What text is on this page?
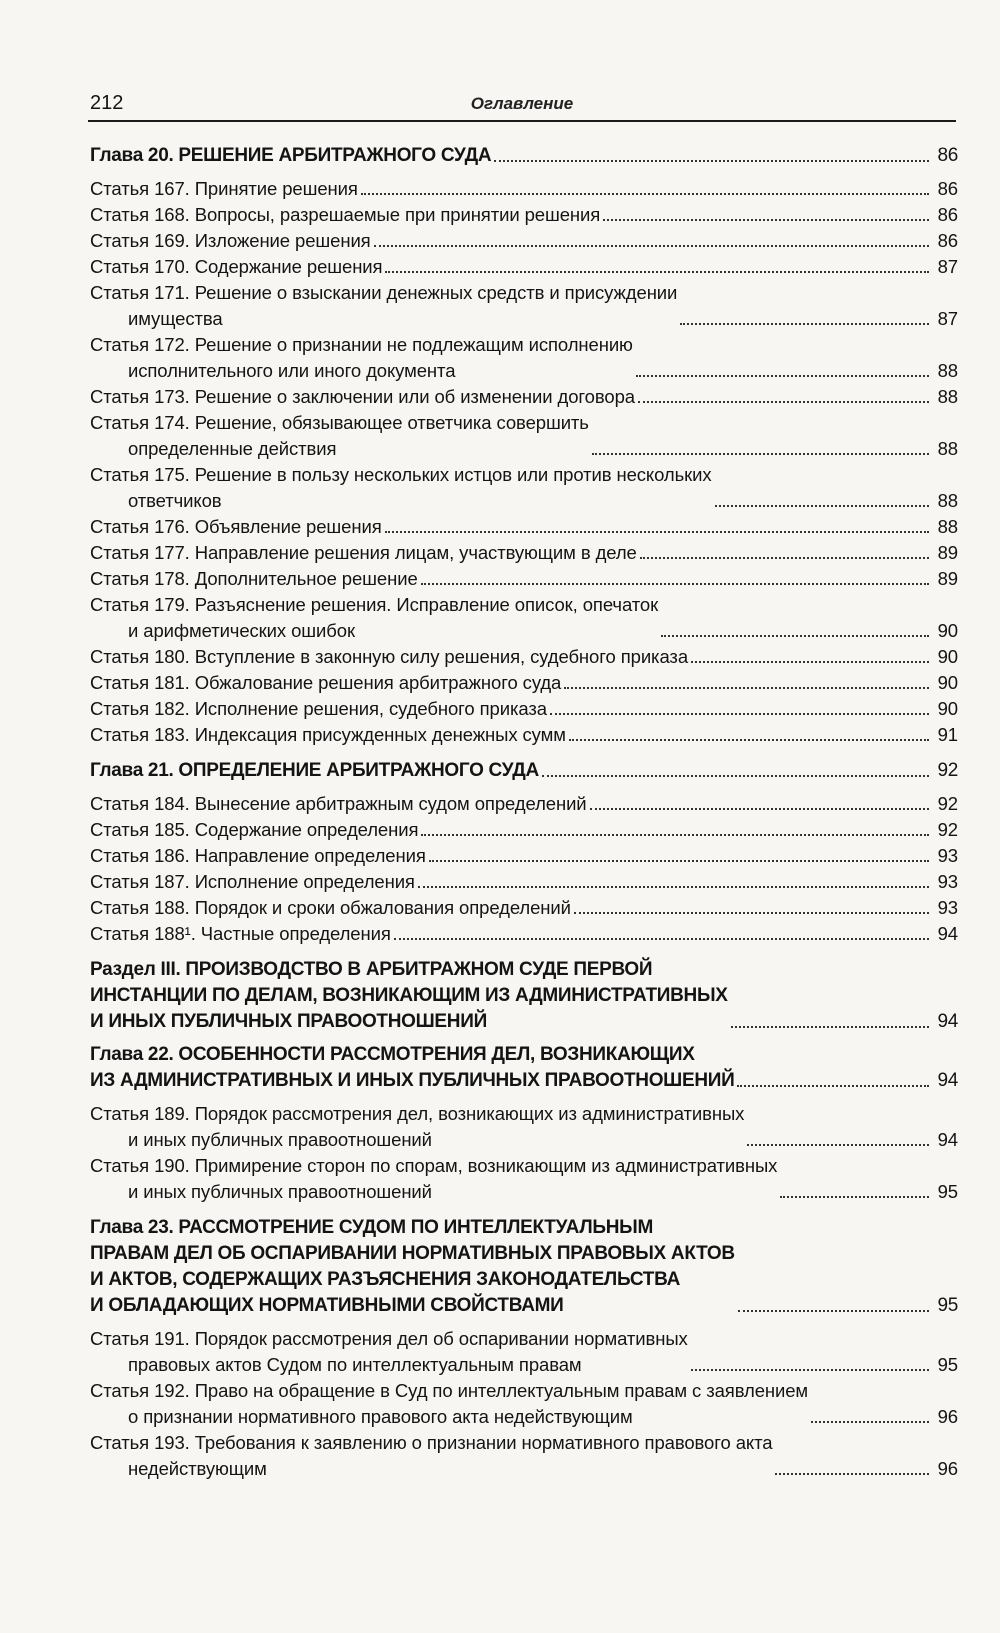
212	Оглавление
Глава 20. РЕШЕНИЕ АРБИТРАЖНОГО СУДА	86
Статья 167. Принятие решения	86
Статья 168. Вопросы, разрешаемые при принятии решения	86
Статья 169. Изложение решения	86
Статья 170. Содержание решения	87
Статья 171. Решение о взыскании денежных средств и присуждении
имущества	87
Статья 172. Решение о признании не подлежащим исполнению
исполнительного или иного документа	88
Статья 173. Решение о заключении или об изменении договора	88
Статья 174. Решение, обязывающее ответчика совершить
определенные действия	88
Статья 175. Решение в пользу нескольких истцов или против нескольких
ответчиков	88
Статья 176. Объявление решения	88
Статья 177. Направление решения лицам, участвующим в деле	89
Статья 178. Дополнительное решение	89
Статья 179. Разъяснение решения. Исправление описок, опечаток
и арифметических ошибок	90
Статья 180. Вступление в законную силу решения, судебного приказа	90
Статья 181. Обжалование решения арбитражного суда	90
Статья 182. Исполнение решения, судебного приказа	90
Статья 183. Индексация присужденных денежных сумм	91
Глава 21. ОПРЕДЕЛЕНИЕ АРБИТРАЖНОГО СУДА	92
Статья 184. Вынесение арбитражным судом определений	92
Статья 185. Содержание определения	92
Статья 186. Направление определения	93
Статья 187. Исполнение определения	93
Статья 188. Порядок и сроки обжалования определений	93
Статья 188¹. Частные определения	94
Раздел III. ПРОИЗВОДСТВО В АРБИТРАЖНОМ СУДЕ ПЕРВОЙ
ИНСТАНЦИИ ПО ДЕЛАМ, ВОЗНИКАЮЩИМ ИЗ АДМИНИСТРАТИВНЫХ
И ИНЫХ ПУБЛИЧНЫХ ПРАВООТНОШЕНИЙ	94
Глава 22. ОСОБЕННОСТИ РАССМОТРЕНИЯ ДЕЛ, ВОЗНИКАЮЩИХ
ИЗ АДМИНИСТРАТИВНЫХ И ИНЫХ ПУБЛИЧНЫХ ПРАВООТНОШЕНИЙ	94
Статья 189. Порядок рассмотрения дел, возникающих из административных
и иных публичных правоотношений	94
Статья 190. Примирение сторон по спорам, возникающим из административных
и иных публичных правоотношений	95
Глава 23. РАССМОТРЕНИЕ СУДОМ ПО ИНТЕЛЛЕКТУАЛЬНЫМ
ПРАВАМ ДЕЛ ОБ ОСПАРИВАНИИ НОРМАТИВНЫХ ПРАВОВЫХ АКТОВ
И АКТОВ, СОДЕРЖАЩИХ РАЗЪЯСНЕНИЯ ЗАКОНОДАТЕЛЬСТВА
И ОБЛАДАЮЩИХ НОРМАТИВНЫМИ СВОЙСТВАМИ	95
Статья 191. Порядок рассмотрения дел об оспаривании нормативных
правовых актов Судом по интеллектуальным правам	95
Статья 192. Право на обращение в Суд по интеллектуальным правам с заявлением
о признании нормативного правового акта недействующим	96
Статья 193. Требования к заявлению о признании нормативного правового акта
недействующим	96
